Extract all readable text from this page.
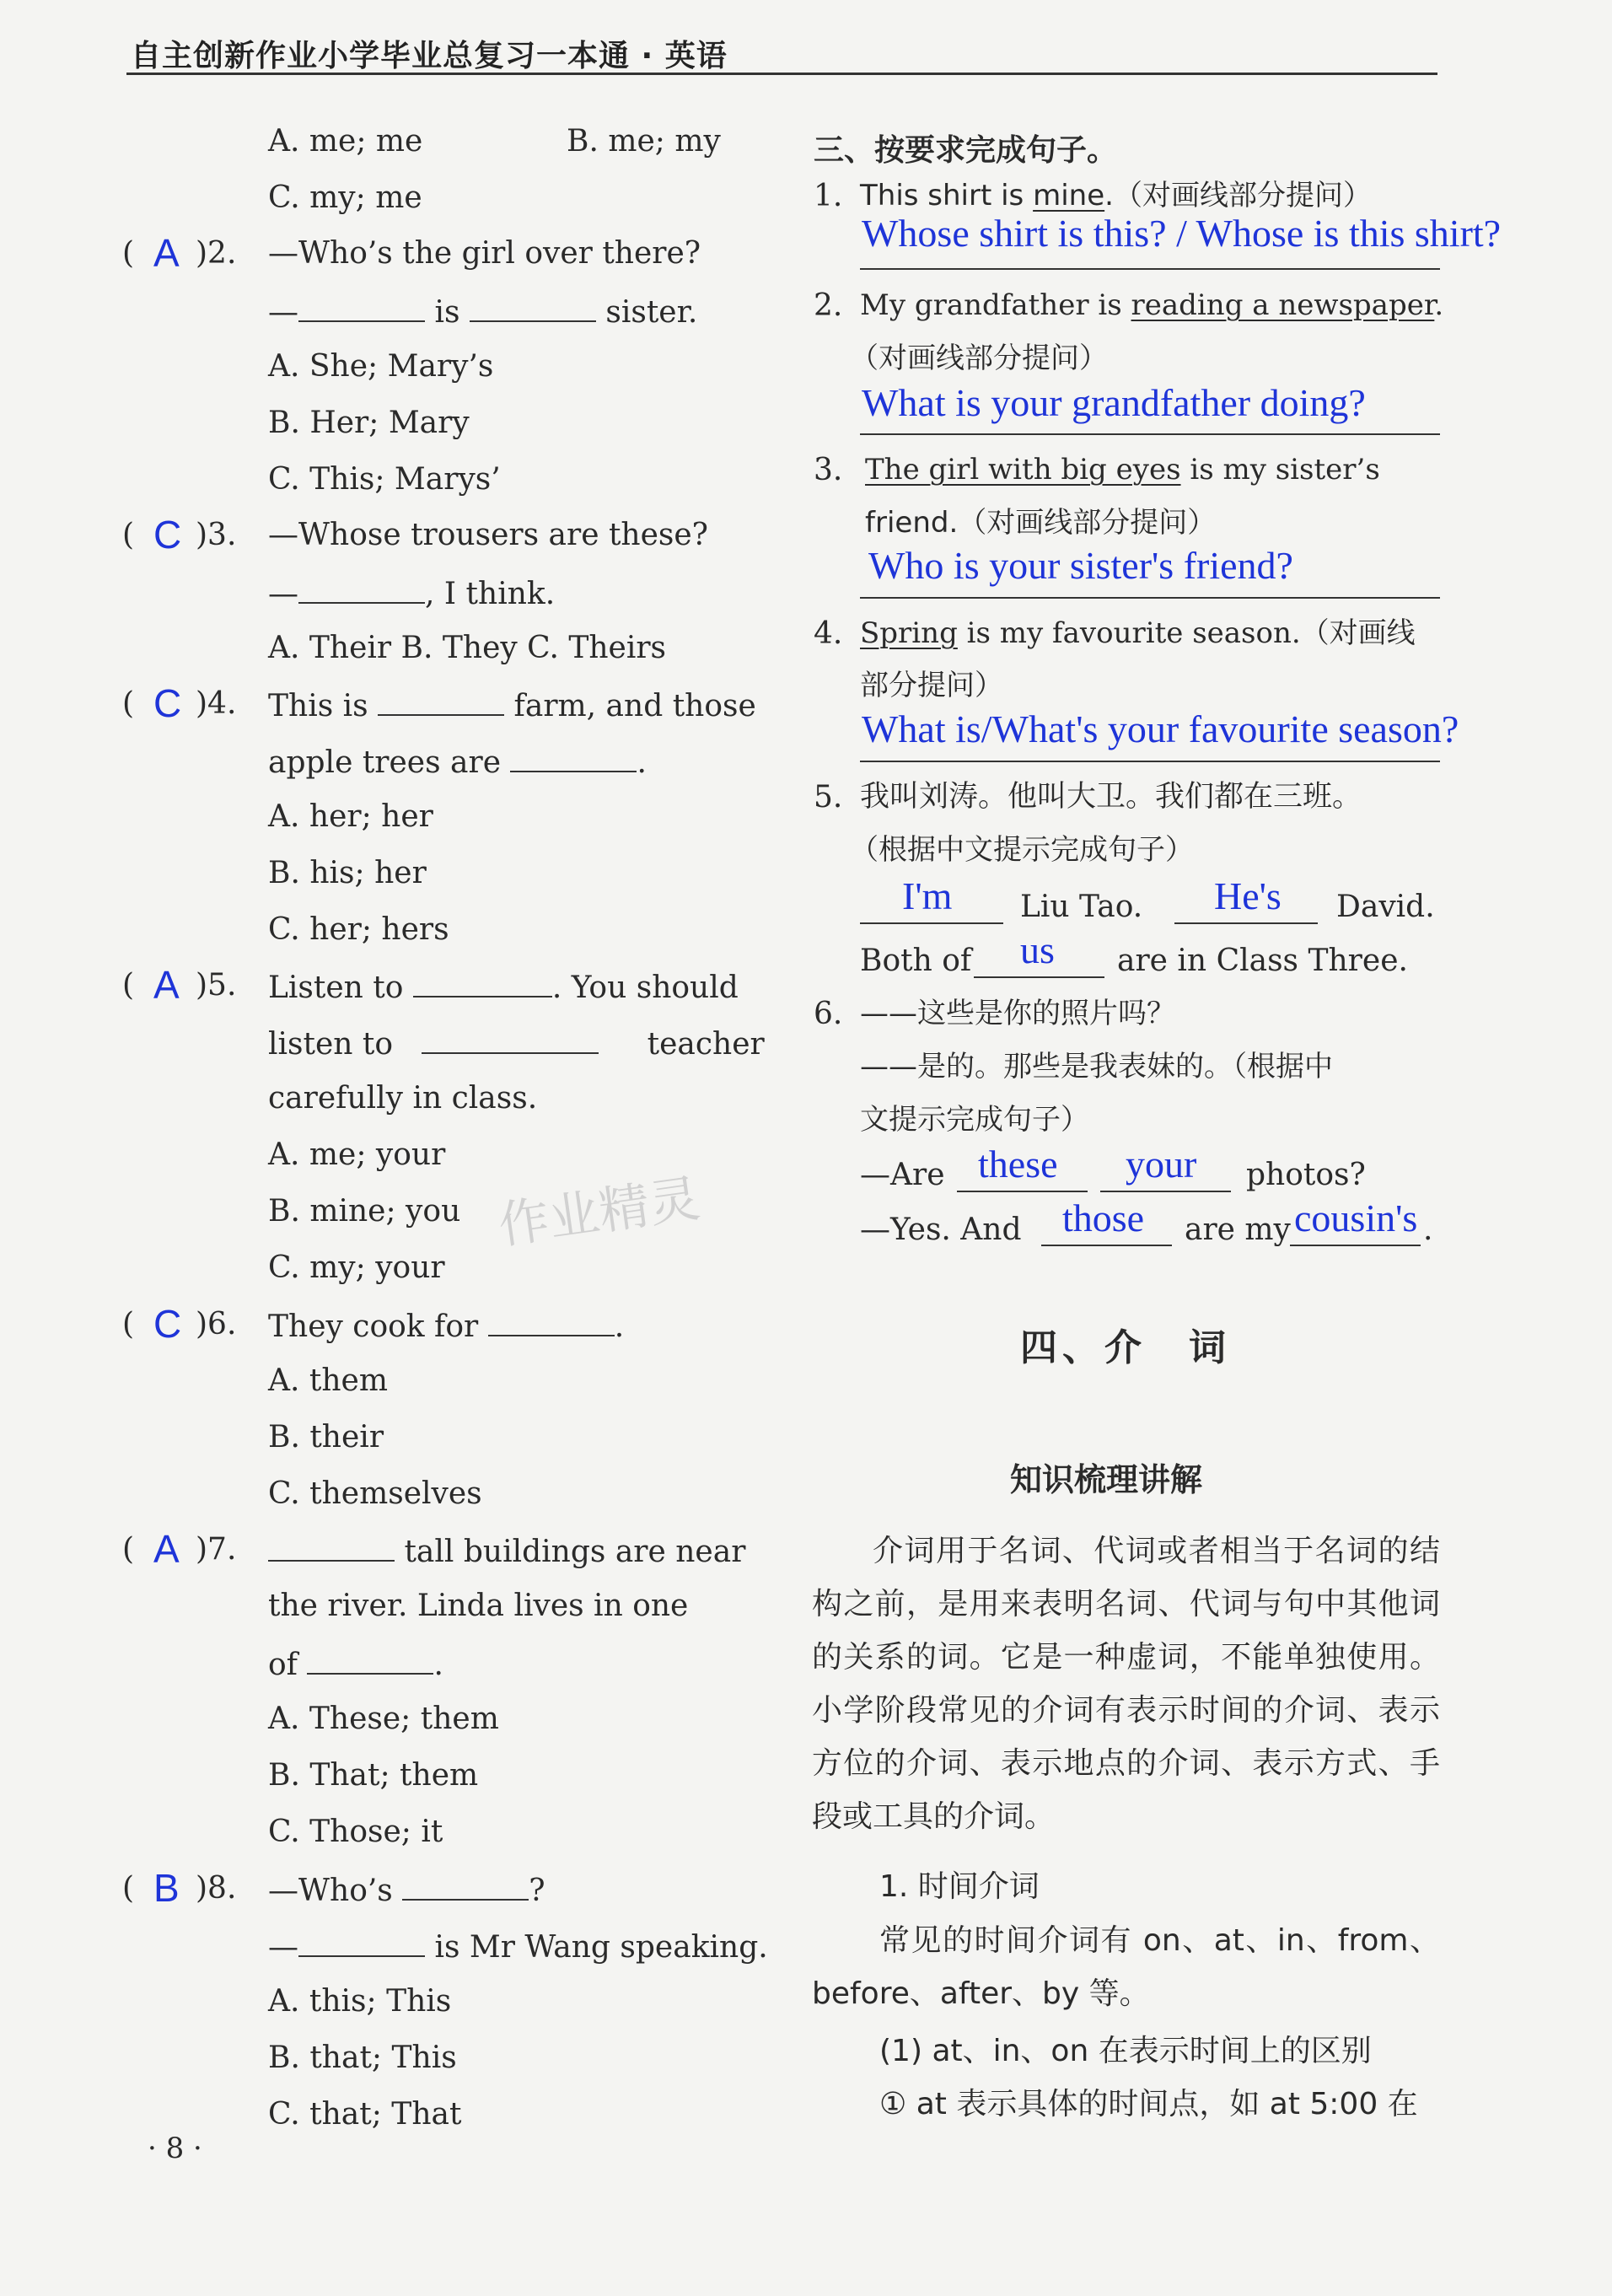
自主创新作业小学毕业总复习一本通 · 英语
A. me; me	B. me; my
C. my; me
( A )2. —Who’s the girl over there?
—	is	sister.
A. She; Mary’s
B. Her; Mary
C. This; Marys’
( C )3. —Whose trousers are these?
—	, I think.
A. Their B. They C. Theirs
( C )4. This is	farm, and those
apple trees are	.
A. her; her
B. his; her
C. her; hers
( A )5. Listen to	. You should
listen to	teacher
carefully in class.
A. me; your
B. mine; you
C. my; your
( C )6. They cook for	.
A. them
B. their
C. themselves
( A )7.	tall buildings are near
the river. Linda lives in one
of	.
A. These; them
B. That; them
C. Those; it
( B )8. —Who’s	?
—	is Mr Wang speaking.
A. this; This
B. that; This
C. that; That
· 8 ·
作业精灵
三、按要求完成句子。
1. This shirt is mine.（对画线部分提问）
Whose shirt is this? / Whose is this shirt?
2. My grandfather is reading a newspaper.
（对画线部分提问）
What is your grandfather doing?
3. The girl with big eyes is my sister’s
friend.（对画线部分提问）
Who is your sister's friend?
4. Spring is my favourite season.（对画线
部分提问）
What is/What's your favourite season?
5. 我叫刘涛。他叫大卫。我们都在三班。
（根据中文提示完成句子）
I'm Liu Tao. He's David.
Both of us are in Class Three.
6. ——这些是你的照片吗？
——是的。那些是我表妹的。（根据中
文提示完成句子）
—Are these your photos?
—Yes. And those are my cousin's .
四、介　词
知识梳理讲解
介词用于名词、代词或者相当于名词的结构之前，是用来表明名词、代词与句中其他词的关系的词。它是一种虚词，不能单独使用。小学阶段常见的介词有表示时间的介词、表示方位的介词、表示地点的介词、表示方式、手段或工具的介词。
1. 时间介词
常见的时间介词有 on、at、in、from、before、after、by 等。
(1) at、in、on 在表示时间上的区别
① at 表示具体的时间点，如 at 5:00 在
